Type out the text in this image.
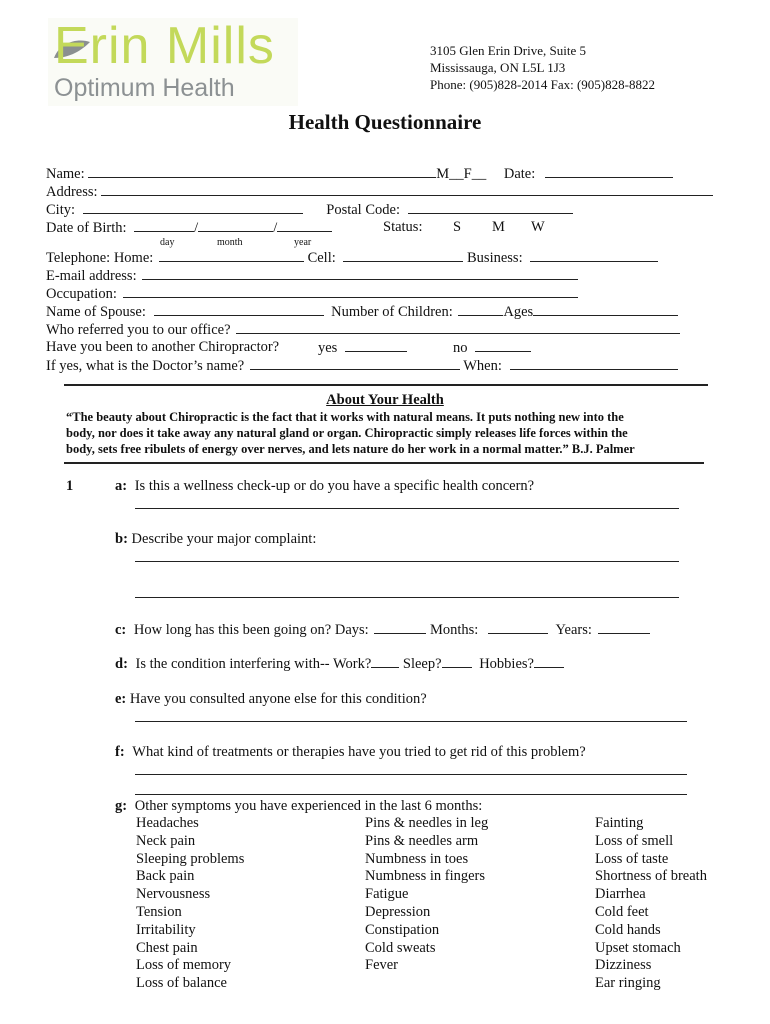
Erin Mills
Optimum Health
3105 Glen Erin Drive, Suite 5
Mississauga, ON L5L 1J3
Phone: (905)828-2014 Fax: (905)828-8822
Health Questionnaire
Name:	M__F__ Date:
Address:
City:	Postal Code:
Date of Birth:	/	/	Status: S M W
day	month	year
Telephone: Home:	Cell:	Business:
E-mail address:
Occupation:
Name of Spouse:	Number of Children:	Ages
Who referred you to our office?
Have you been to another Chiropractor?	yes	no
If yes, what is the Doctor’s name?	When:
About Your Health
“The beauty about Chiropractic is the fact that it works with natural means. It puts nothing new into the
body, nor does it take away any natural gland or organ. Chiropractic simply releases life forces within the
body, sets free ribulets of energy over nerves, and lets nature do her work in a normal matter.” B.J. Palmer
1	a: Is this a wellness check-up or do you have a specific health concern?
b: Describe your major complaint:
c: How long has this been going on? Days:	Months:	Years:
d: Is the condition interfering with-- Work? Sleep?	Hobbies?
e: Have you consulted anyone else for this condition?
f: What kind of treatments or therapies have you tried to get rid of this problem?
g: Other symptoms you have experienced in the last 6 months:
Headaches
Neck pain
Sleeping problems
Back pain
Nervousness
Tension
Irritability
Chest pain
Loss of memory
Loss of balance
Pins & needles in leg
Pins & needles arm
Numbness in toes
Numbness in fingers
Fatigue
Depression
Constipation
Cold sweats
Fever
Fainting
Loss of smell
Loss of taste
Shortness of breath
Diarrhea
Cold feet
Cold hands
Upset stomach
Dizziness
Ear ringing
